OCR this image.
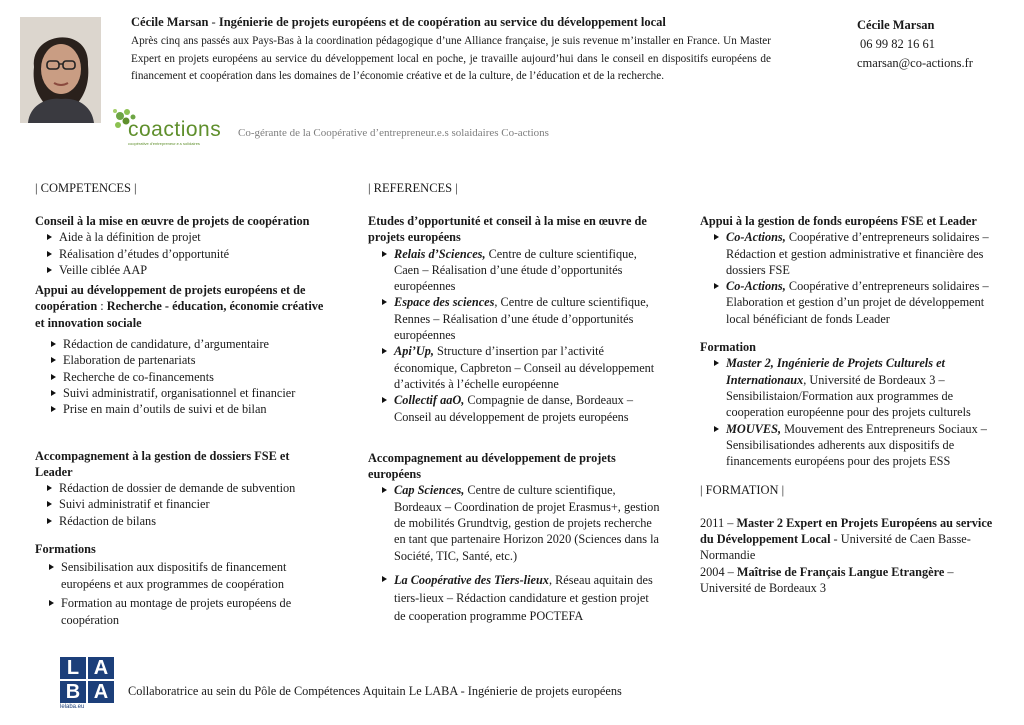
Cécile Marsan - Ingénierie de projets européens et de coopération au service du développement local
Après cinq ans passés aux Pays-Bas à la coordination pédagogique d’une Alliance française, je suis revenue m’installer en France. Un Master Expert en projets européens au service du développement local en poche, je travaille aujourd’hui dans le conseil en dispositifs européens de financement et coopération dans les domaines de l’économie créative et de la culture, de l’éducation et de la recherche.
Cécile Marsan
06 99 82 16 61
cmarsan@co-actions.fr
coactions
coopérative d'entrepreneur.e.s solidaires
Co-gérante de la Coopérative d’entrepreneur.e.s solaidaires Co-actions
| COMPETENCES |
Conseil à la mise en œuvre de projets de coopération
Aide à la définition de projet
Réalisation d’études d’opportunité
Veille ciblée AAP
Appui au développement de projets européens et de coopération : Recherche - éducation, économie créative et innovation sociale
Rédaction de candidature, d’argumentaire
Elaboration de partenariats
Recherche de co-financements
Suivi administratif, organisationnel et financier
Prise en main d’outils de suivi et de bilan
Accompagnement à la gestion de dossiers FSE et Leader
Rédaction de dossier de demande de subvention
Suivi administratif et financier
Rédaction de bilans
Formations
Sensibilisation aux dispositifs de financement européens et aux programmes de coopération
Formation au montage de projets européens de coopération
| REFERENCES |
Etudes d’opportunité et conseil à la mise en œuvre de projets européens
Relais d’Sciences, Centre de culture scientifique, Caen – Réalisation d’une étude d’opportunités européennes
Espace des sciences, Centre de culture scientifique, Rennes – Réalisation d’une étude d’opportunités européennes
Api’Up, Structure d’insertion par l’activité économique, Capbreton – Conseil au développement d’activités à l’échelle européenne
Collectif aaO, Compagnie de danse, Bordeaux – Conseil au développement de projets européens
Accompagnement au développement de projets européens
Cap Sciences, Centre de culture scientifique, Bordeaux – Coordination de projet Erasmus+, gestion de mobilités Grundtvig, gestion de projets recherche en tant que partenaire Horizon 2020 (Sciences dans la Société, TIC, Santé, etc.)
La Coopérative des Tiers-lieux, Réseau aquitain des tiers-lieux – Rédaction candidature et gestion projet de cooperation programme POCTEFA
Appui à la gestion de fonds européens FSE et Leader
Co-Actions, Coopérative d’entrepreneurs solidaires – Rédaction et gestion administrative et financière des dossiers FSE
Co-Actions, Coopérative d’entrepreneurs solidaires – Elaboration et gestion d’un projet de développement local bénéficiant de fonds Leader
Formation
Master 2, Ingénierie de Projets Culturels et Internationaux, Université de Bordeaux 3 – Sensibilistaion/Formation aux programmes de cooperation européenne pour des projets culturels
MOUVES, Mouvement des Entrepreneurs Sociaux – Sensibilisationdes adherents aux dispositifs de financements européens pour des projets ESS
| FORMATION |
2011 – Master 2 Expert en Projets Européens au service du Développement Local - Université de Caen Basse-Normandie
2004 – Maîtrise de Français Langue Etrangère – Université de Bordeaux 3
L A
B A
lelaba.eu
Collaboratrice au sein du Pôle de Compétences Aquitain Le LABA - Ingénierie de projets européens
